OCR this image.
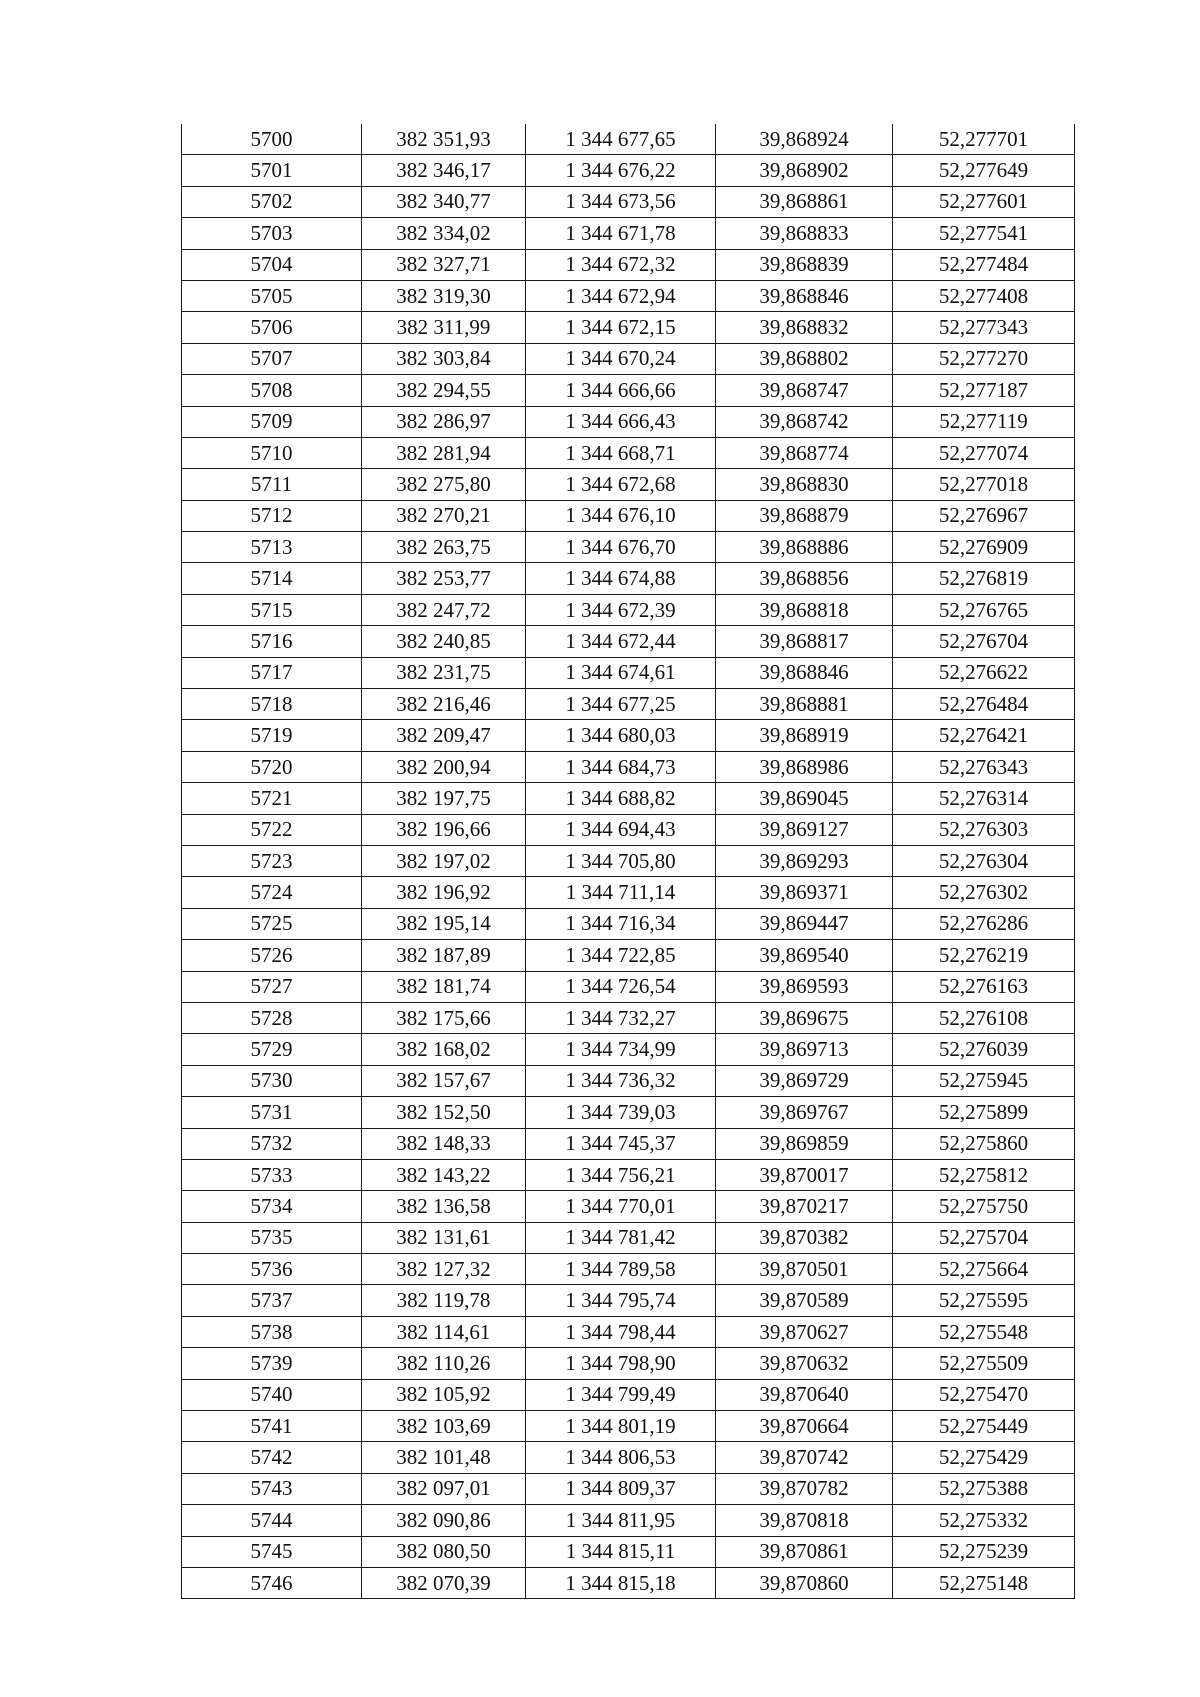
5700	382 351,93	1 344 677,65	39,868924	52,277701
5701	382 346,17	1 344 676,22	39,868902	52,277649
5702	382 340,77	1 344 673,56	39,868861	52,277601
5703	382 334,02	1 344 671,78	39,868833	52,277541
5704	382 327,71	1 344 672,32	39,868839	52,277484
5705	382 319,30	1 344 672,94	39,868846	52,277408
5706	382 311,99	1 344 672,15	39,868832	52,277343
5707	382 303,84	1 344 670,24	39,868802	52,277270
5708	382 294,55	1 344 666,66	39,868747	52,277187
5709	382 286,97	1 344 666,43	39,868742	52,277119
5710	382 281,94	1 344 668,71	39,868774	52,277074
5711	382 275,80	1 344 672,68	39,868830	52,277018
5712	382 270,21	1 344 676,10	39,868879	52,276967
5713	382 263,75	1 344 676,70	39,868886	52,276909
5714	382 253,77	1 344 674,88	39,868856	52,276819
5715	382 247,72	1 344 672,39	39,868818	52,276765
5716	382 240,85	1 344 672,44	39,868817	52,276704
5717	382 231,75	1 344 674,61	39,868846	52,276622
5718	382 216,46	1 344 677,25	39,868881	52,276484
5719	382 209,47	1 344 680,03	39,868919	52,276421
5720	382 200,94	1 344 684,73	39,868986	52,276343
5721	382 197,75	1 344 688,82	39,869045	52,276314
5722	382 196,66	1 344 694,43	39,869127	52,276303
5723	382 197,02	1 344 705,80	39,869293	52,276304
5724	382 196,92	1 344 711,14	39,869371	52,276302
5725	382 195,14	1 344 716,34	39,869447	52,276286
5726	382 187,89	1 344 722,85	39,869540	52,276219
5727	382 181,74	1 344 726,54	39,869593	52,276163
5728	382 175,66	1 344 732,27	39,869675	52,276108
5729	382 168,02	1 344 734,99	39,869713	52,276039
5730	382 157,67	1 344 736,32	39,869729	52,275945
5731	382 152,50	1 344 739,03	39,869767	52,275899
5732	382 148,33	1 344 745,37	39,869859	52,275860
5733	382 143,22	1 344 756,21	39,870017	52,275812
5734	382 136,58	1 344 770,01	39,870217	52,275750
5735	382 131,61	1 344 781,42	39,870382	52,275704
5736	382 127,32	1 344 789,58	39,870501	52,275664
5737	382 119,78	1 344 795,74	39,870589	52,275595
5738	382 114,61	1 344 798,44	39,870627	52,275548
5739	382 110,26	1 344 798,90	39,870632	52,275509
5740	382 105,92	1 344 799,49	39,870640	52,275470
5741	382 103,69	1 344 801,19	39,870664	52,275449
5742	382 101,48	1 344 806,53	39,870742	52,275429
5743	382 097,01	1 344 809,37	39,870782	52,275388
5744	382 090,86	1 344 811,95	39,870818	52,275332
5745	382 080,50	1 344 815,11	39,870861	52,275239
5746	382 070,39	1 344 815,18	39,870860	52,275148
